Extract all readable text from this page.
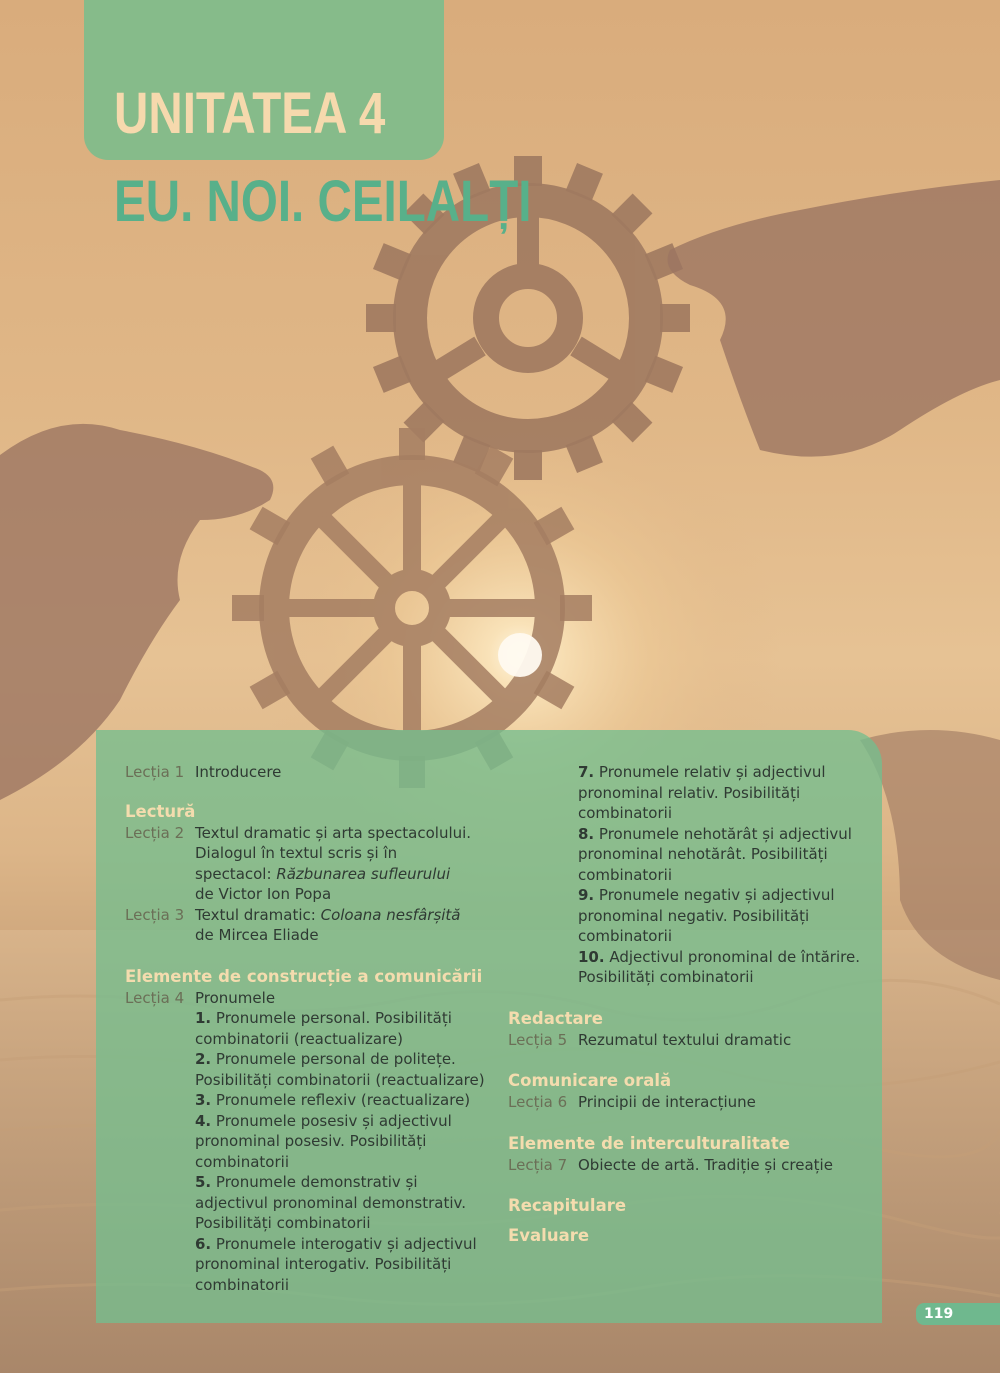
UNITATEA 4
EU. NOI. CEILALȚI
Lecția 1 Introducere
Lectură
Lecția 2 Textul dramatic și arta spectacolului.
Dialogul în textul scris și în
spectacol: Răzbunarea sufleurului
de Victor Ion Popa
Lecția 3 Textul dramatic: Coloana nesfârșită
de Mircea Eliade
Elemente de construcție a comunicării
Lecția 4 Pronumele
1. Pronumele personal. Posibilități combinatorii (reactualizare)
2. Pronumele personal de politețe. Posibilități combinatorii (reactualizare)
3. Pronumele reflexiv (reactualizare)
4. Pronumele posesiv și adjectivul pronominal posesiv. Posibilități combinatorii
5. Pronumele demonstrativ și adjectivul pronominal demonstrativ. Posibilități combinatorii
6. Pronumele interogativ și adjectivul pronominal interogativ. Posibilități combinatorii
7. Pronumele relativ și adjectivul pronominal relativ. Posibilități combinatorii
8. Pronumele nehotărât și adjectivul pronominal nehotărât. Posibilități combinatorii
9. Pronumele negativ și adjectivul pronominal negativ. Posibilități combinatorii
10. Adjectivul pronominal de întărire. Posibilități combinatorii
Redactare
Lecția 5 Rezumatul textului dramatic
Comunicare orală
Lecția 6 Principii de interacțiune
Elemente de interculturalitate
Lecția 7 Obiecte de artă. Tradiție și creație
Recapitulare
Evaluare
119
